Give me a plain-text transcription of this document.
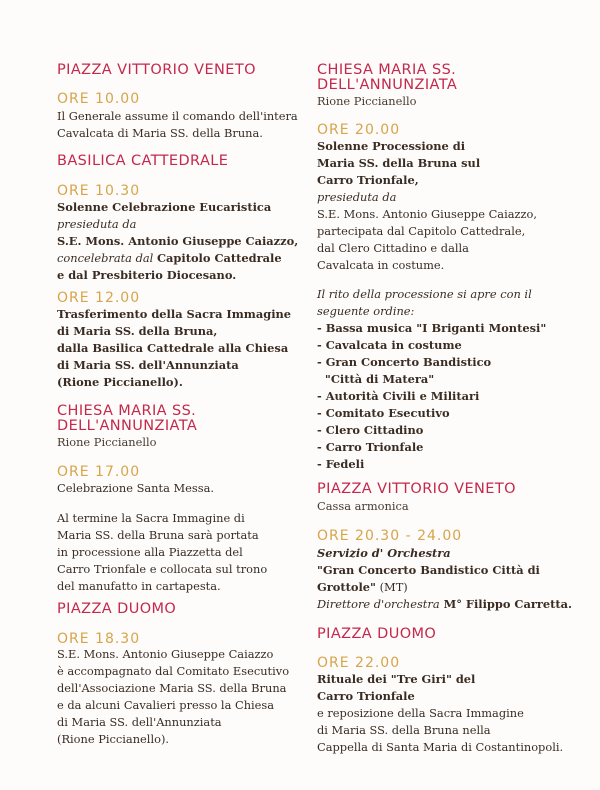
PIAZZA VITTORIO VENETO
ORE 10.00

Il Generale assume il comando dell'intera

Cavalcata di Maria SS. della Bruna.

BASILICA CATTEDRALE
ORE 10.30

Solenne Celebrazione Eucaristica

presieduta da

S.E. Mons. Antonio Giuseppe Caiazzo,

concelebrata dal Capitolo Cattedrale

e dal Presbiterio Diocesano.

ORE 12.00

Trasferimento della Sacra Immagine

di Maria SS. della Bruna,

dalla Basilica Cattedrale alla Chiesa

di Maria SS. dell'Annunziata

(Rione Piccianello).

CHIESA MARIA SS.
DELL'ANNUNZIATA
Rione Piccianello
ORE 17.00

Celebrazione Santa Messa.

Al termine la Sacra Immagine di

Maria SS. della Bruna sarà portata

in processione alla Piazzetta del

Carro Trionfale e collocata sul trono

del manufatto in cartapesta.

PIAZZA DUOMO
ORE 18.30

S.E. Mons. Antonio Giuseppe Caiazzo

è accompagnato dal Comitato Esecutivo

dell'Associazione Maria SS. della Bruna

e da alcuni Cavalieri presso la Chiesa

di Maria SS. dell'Annunziata

(Rione Piccianello).

CHIESA MARIA SS.
DELL'ANNUNZIATA
Rione Piccianello
ORE 20.00

Solenne Processione di

Maria SS. della Bruna sul

Carro Trionfale,

presieduta da

S.E. Mons. Antonio Giuseppe Caiazzo,

partecipata dal Capitolo Cattedrale,

dal Clero Cittadino e dalla

Cavalcata in costume.

Il rito della processione si apre con il

seguente ordine:

- Bassa musica "I Briganti Montesi"

- Cavalcata in costume

- Gran Concerto Bandistico

"Città di Matera"

- Autorità Civili e Militari

- Comitato Esecutivo

- Clero Cittadino

- Carro Trionfale

- Fedeli

PIAZZA VITTORIO VENETO
Cassa armonica
ORE 20.30 - 24.00

Servizio d' Orchestra

"Gran Concerto Bandistico Città di

Grottole" (MT)

Direttore d'orchestra M° Filippo Carretta.

PIAZZA DUOMO
ORE 22.00

Rituale dei "Tre Giri" del

Carro Trionfale

e reposizione della Sacra Immagine

di Maria SS. della Bruna nella

Cappella di Santa Maria di Costantinopoli.
